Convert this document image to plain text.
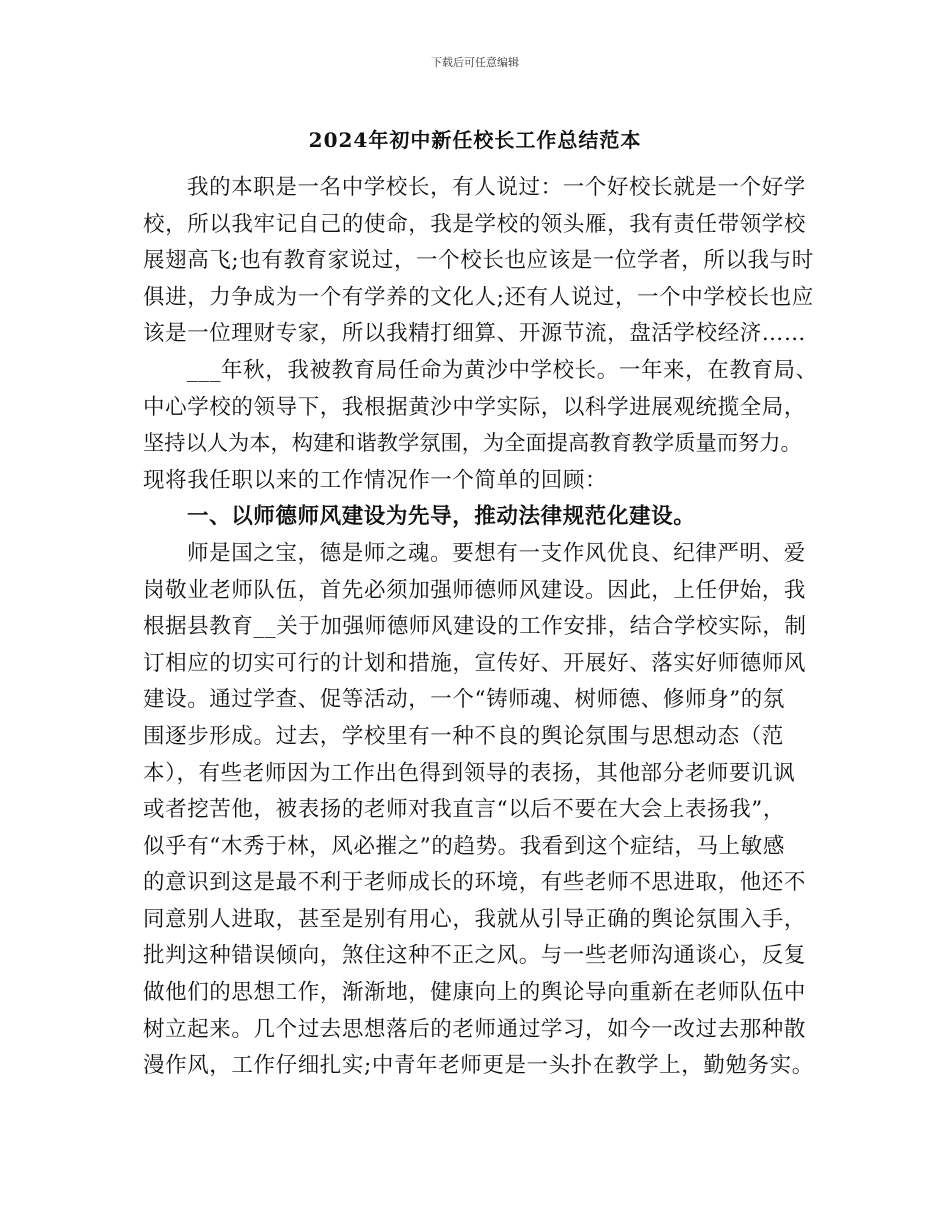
下载后可任意编辑
2024年初中新任校长工作总结范本
我的本职是一名中学校长，有人说过：一个好校长就是一个好学
校，所以我牢记自己的使命，我是学校的领头雁，我有责任带领学校
展翅高飞;也有教育家说过，一个校长也应该是一位学者，所以我与时
俱进，力争成为一个有学养的文化人;还有人说过，一个中学校长也应
该是一位理财专家，所以我精打细算、开源节流，盘活学校经济……
___年秋，我被教育局任命为黄沙中学校长。一年来，在教育局、
中心学校的领导下，我根据黄沙中学实际，以科学进展观统揽全局，
坚持以人为本，构建和谐教学氛围，为全面提高教育教学质量而努力。
现将我任职以来的工作情况作一个简单的回顾：
一、以师德师风建设为先导，推动法律规范化建设。
师是国之宝，德是师之魂。要想有一支作风优良、纪律严明、爱
岗敬业老师队伍，首先必须加强师德师风建设。因此，上任伊始，我
根据县教育__关于加强师德师风建设的工作安排，结合学校实际，制
订相应的切实可行的计划和措施，宣传好、开展好、落实好师德师风
建设。通过学查、促等活动，一个“铸师魂、树师德、修师身”的氛
围逐步形成。过去，学校里有一种不良的舆论氛围与思想动态（范
本），有些老师因为工作出色得到领导的表扬，其他部分老师要讥讽
或者挖苦他，被表扬的老师对我直言“以后不要在大会上表扬我”，
似乎有“木秀于林，风必摧之”的趋势。我看到这个症结，马上敏感
的意识到这是最不利于老师成长的环境，有些老师不思进取，他还不
同意别人进取，甚至是别有用心，我就从引导正确的舆论氛围入手，
批判这种错误倾向，煞住这种不正之风。与一些老师沟通谈心，反复
做他们的思想工作，渐渐地，健康向上的舆论导向重新在老师队伍中
树立起来。几个过去思想落后的老师通过学习，如今一改过去那种散
漫作风，工作仔细扎实;中青年老师更是一头扑在教学上，勤勉务实。
